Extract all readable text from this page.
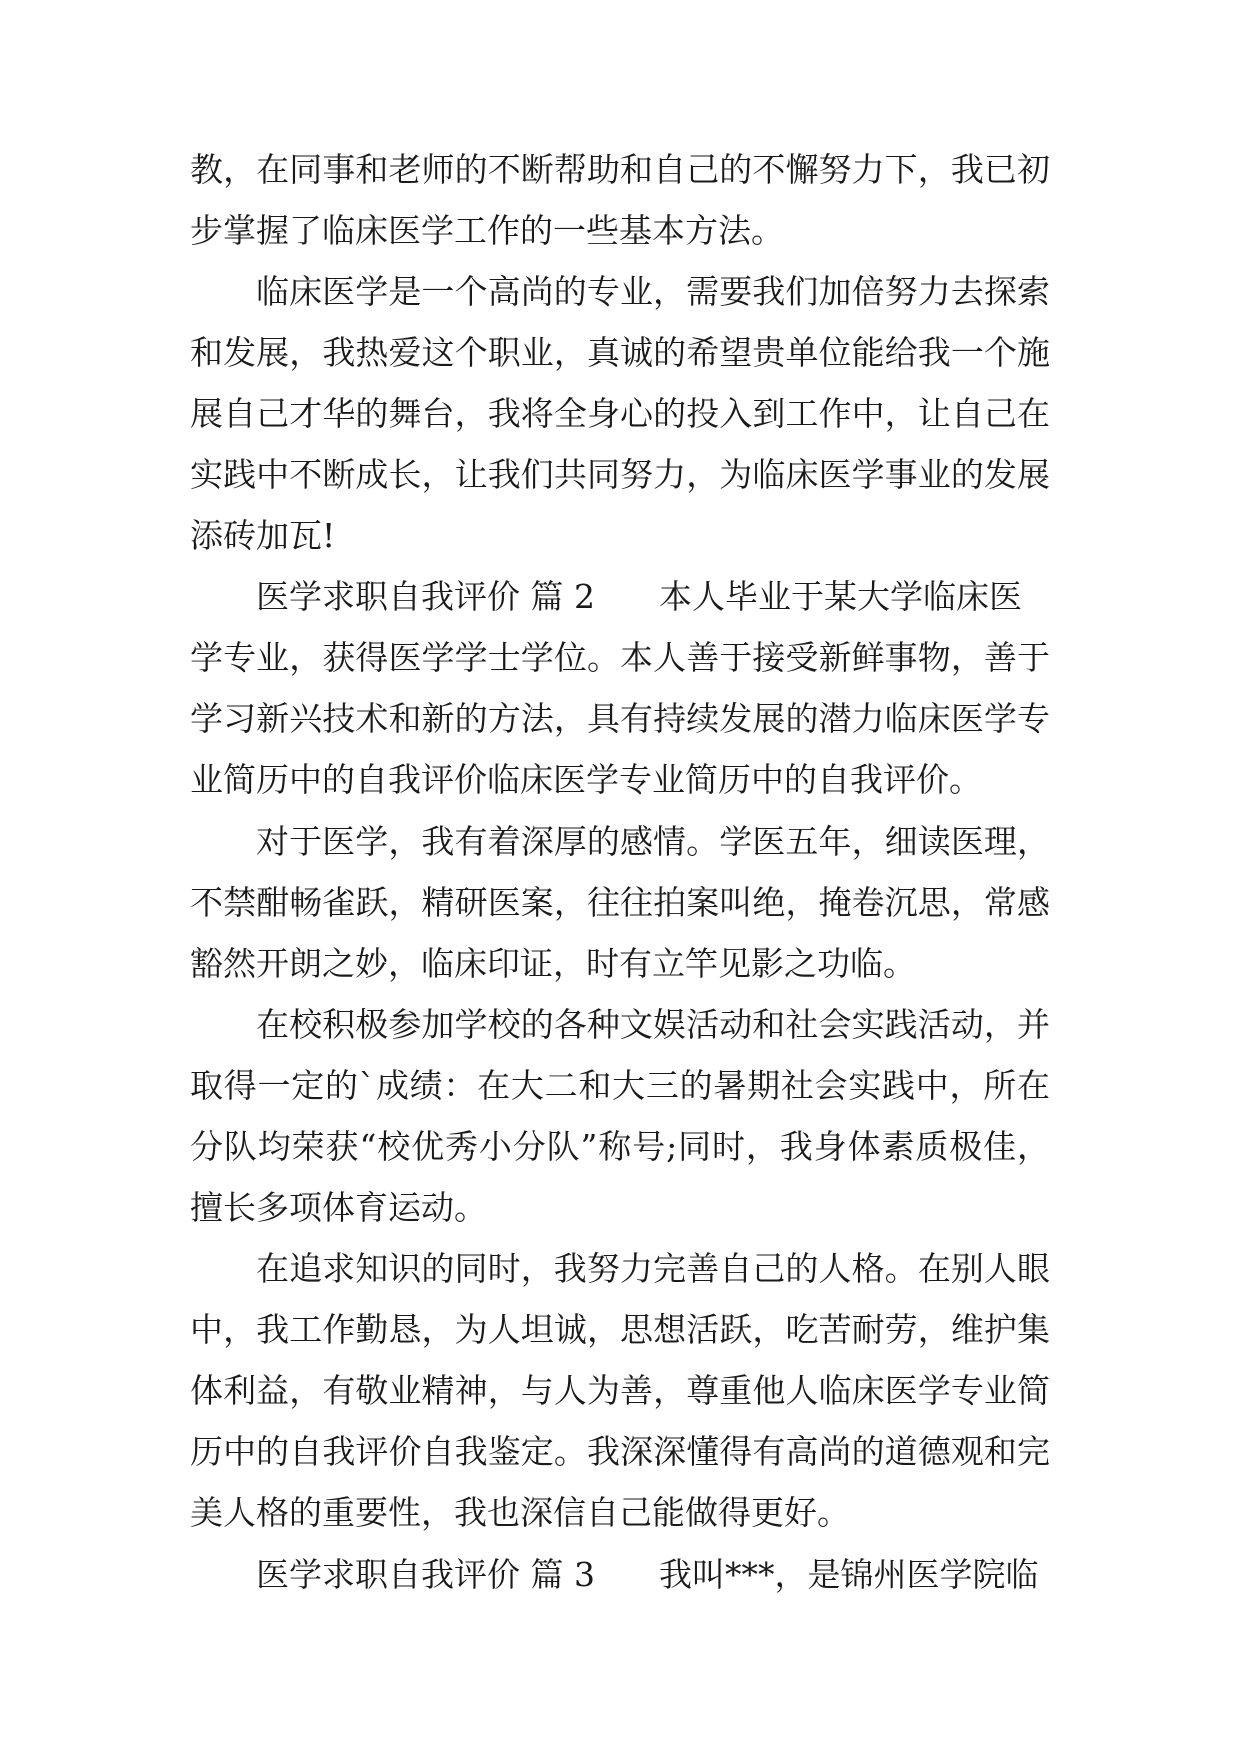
教，在同事和老师的不断帮助和自己的不懈努力下，我已初
步掌握了临床医学工作的一些基本方法。
临床医学是一个高尚的专业，需要我们加倍努力去探索
和发展，我热爱这个职业，真诚的希望贵单位能给我一个施
展自己才华的舞台，我将全身心的投入到工作中，让自己在
实践中不断成长，让我们共同努力，为临床医学事业的发展
添砖加瓦!
医学求职自我评价 篇 2 本人毕业于某大学临床医
学专业，获得医学学士学位。本人善于接受新鲜事物，善于
学习新兴技术和新的方法，具有持续发展的潜力临床医学专
业简历中的自我评价临床医学专业简历中的自我评价。
对于医学，我有着深厚的感情。学医五年，细读医理，
不禁酣畅雀跃，精研医案，往往拍案叫绝，掩卷沉思，常感
豁然开朗之妙，临床印证，时有立竿见影之功临。
在校积极参加学校的各种文娱活动和社会实践活动，并
取得一定的`成绩：在大二和大三的暑期社会实践中，所在
分队均荣获“校优秀小分队”称号;同时，我身体素质极佳，
擅长多项体育运动。
在追求知识的同时，我努力完善自己的人格。在别人眼
中，我工作勤恳，为人坦诚，思想活跃，吃苦耐劳，维护集
体利益，有敬业精神，与人为善，尊重他人临床医学专业简
历中的自我评价自我鉴定。我深深懂得有高尚的道德观和完
美人格的重要性，我也深信自己能做得更好。
医学求职自我评价 篇 3 我叫***，是锦州医学院临
